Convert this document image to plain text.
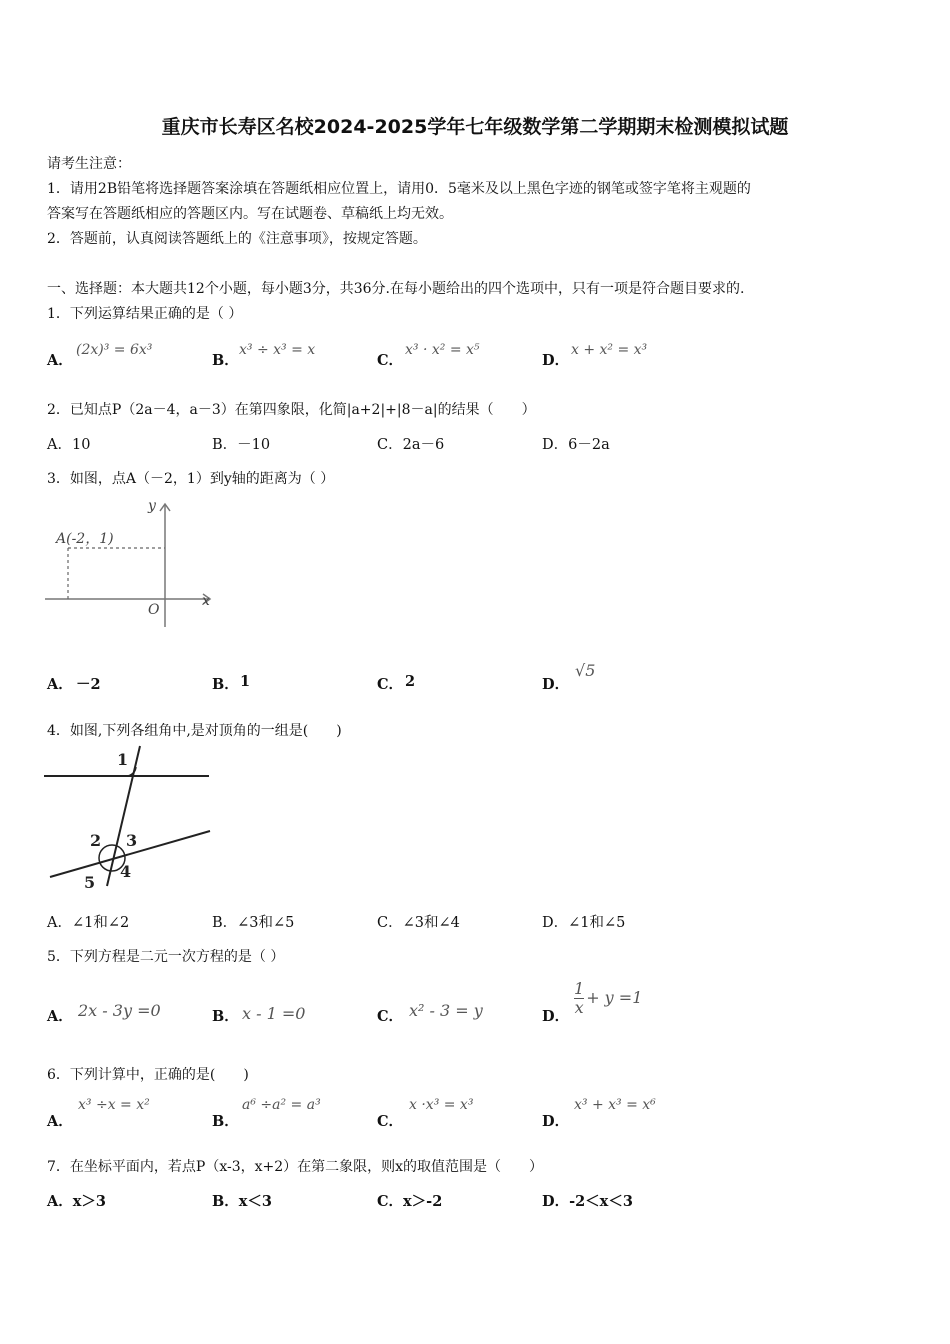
重庆市长寿区名校2024-2025学年七年级数学第二学期期末检测模拟试题
请考生注意：
1．请用2B铅笔将选择题答案涂填在答题纸相应位置上，请用0．5毫米及以上黑色字迹的钢笔或签字笔将主观题的
答案写在答题纸相应的答题区内。写在试题卷、草稿纸上均无效。
2．答题前，认真阅读答题纸上的《注意事项》，按规定答题。
一、选择题：本大题共12个小题，每小题3分，共36分.在每小题给出的四个选项中，只有一项是符合题目要求的.
1．下列运算结果正确的是（ ）
A．
(2x)³ = 6x³
B．
x³ ÷ x³ = x
C．
x³ · x² = x⁵
D．
x + x² = x³
2．已知点P（2a－4，a－3）在第四象限，化简|a+2|+|8－a|的结果（　　）
A．10	B．－10	C．2a－6	D．6－2a
3．如图，点A（－2，1）到y轴的距离为（ ）
A(-2，1)
y
x
O
A． －2	B． 1	C． 2	D．
√5
4．如图,下列各组角中,是对顶角的一组是(　　)
1
2 3
5
4
A．∠1和∠2	B．∠3和∠5	C．∠3和∠4	D．∠1和∠5
5．下列方程是二元一次方程的是（ ）
A． 2x - 3y =0	B． x - 1 =0	C． x² - 3 = y	D． $\frac{1}{x} + y =1$
6．下列计算中，正确的是(　　)
A．
x³ ÷x = x²
B．
a⁶ ÷a² = a³
C．
x ·x³ = x³
D．
x³ + x³ = x⁶
7．在坐标平面内，若点P（x-3，x+2）在第二象限，则x的取值范围是（　　）
A．x＞3	B．x＜3	C．x＞-2	D．-2＜x＜3
